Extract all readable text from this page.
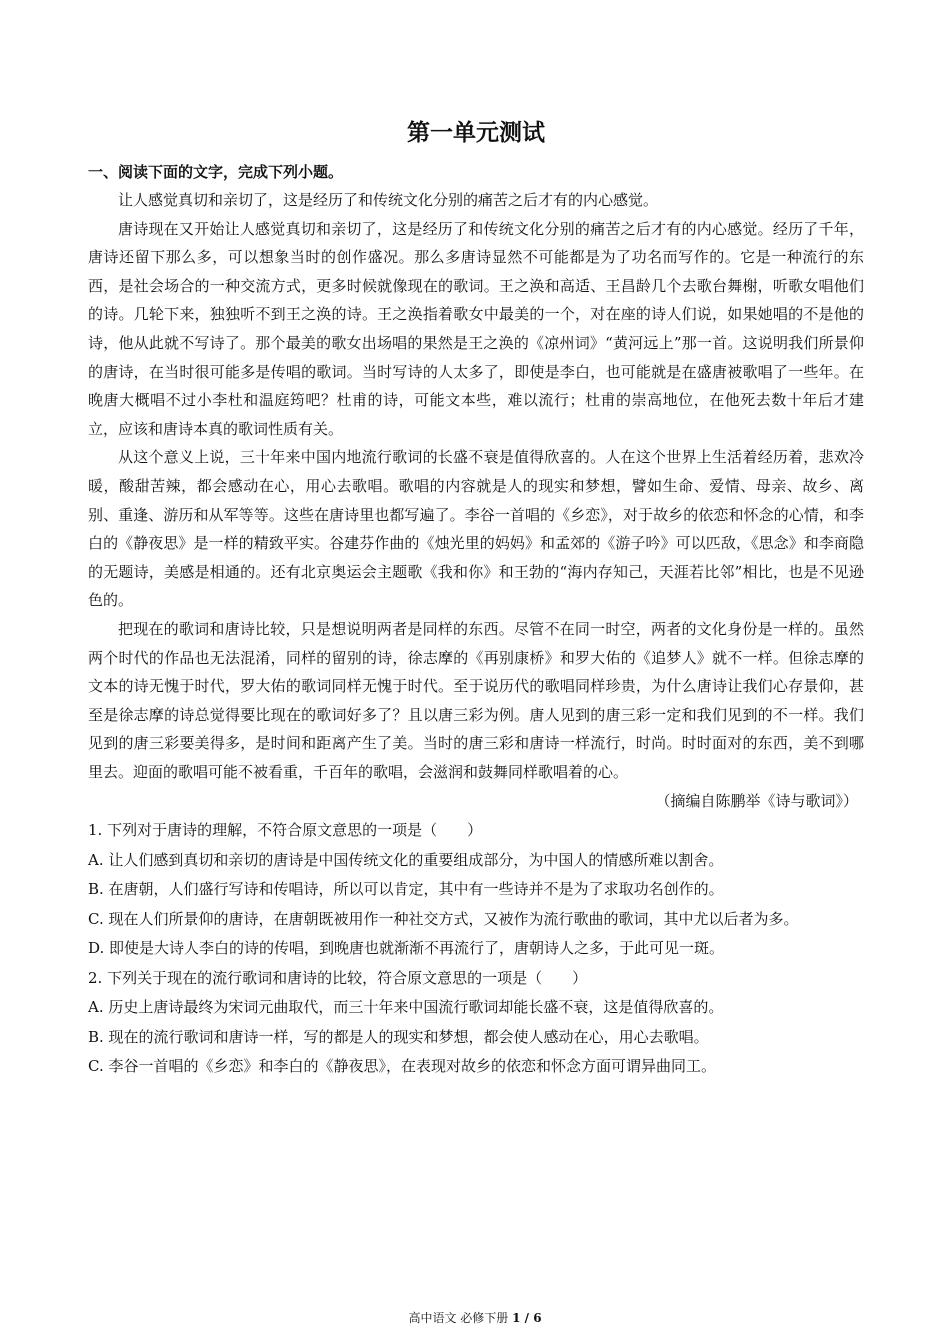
第一单元测试

一、阅读下面的文字，完成下列小题。

让人感觉真切和亲切了，这是经历了和传统文化分别的痛苦之后才有的内心感觉。

唐诗现在又开始让人感觉真切和亲切了，这是经历了和传统文化分别的痛苦之后才有的内心感觉。经历了千年，唐诗还留下那么多，可以想象当时的创作盛况。那么多唐诗显然不可能都是为了功名而写作的。它是一种流行的东西，是社会场合的一种交流方式，更多时候就像现在的歌词。王之涣和高适、王昌龄几个去歌台舞榭，听歌女唱他们的诗。几轮下来，独独听不到王之涣的诗。王之涣指着歌女中最美的一个，对在座的诗人们说，如果她唱的不是他的诗，他从此就不写诗了。那个最美的歌女出场唱的果然是王之涣的《凉州词》“黄河远上”那一首。这说明我们所景仰的唐诗，在当时很可能多是传唱的歌词。当时写诗的人太多了，即使是李白，也可能就是在盛唐被歌唱了一些年。在晚唐大概唱不过小李杜和温庭筠吧？杜甫的诗，可能文本些，难以流行；杜甫的崇高地位，在他死去数十年后才建立，应该和唐诗本真的歌词性质有关。

从这个意义上说，三十年来中国内地流行歌词的长盛不衰是值得欣喜的。人在这个世界上生活着经历着，悲欢冷暖，酸甜苦辣，都会感动在心，用心去歌唱。歌唱的内容就是人的现实和梦想，譬如生命、爱情、母亲、故乡、离别、重逢、游历和从军等等。这些在唐诗里也都写遍了。李谷一首唱的《乡恋》，对于故乡的依恋和怀念的心情，和李白的《静夜思》是一样的精致平实。谷建芬作曲的《烛光里的妈妈》和孟郊的《游子吟》可以匹敌，《思念》和李商隐的无题诗，美感是相通的。还有北京奥运会主题歌《我和你》和王勃的“海内存知己，天涯若比邻”相比，也是不见逊色的。

把现在的歌词和唐诗比较，只是想说明两者是同样的东西。尽管不在同一时空，两者的文化身份是一样的。虽然两个时代的作品也无法混淆，同样的留别的诗，徐志摩的《再别康桥》和罗大佑的《追梦人》就不一样。但徐志摩的文本的诗无愧于时代，罗大佑的歌词同样无愧于时代。至于说历代的歌唱同样珍贵，为什么唐诗让我们心存景仰，甚至是徐志摩的诗总觉得要比现在的歌词好多了？且以唐三彩为例。唐人见到的唐三彩一定和我们见到的不一样。我们见到的唐三彩要美得多，是时间和距离产生了美。当时的唐三彩和唐诗一样流行，时尚。时时面对的东西，美不到哪里去。迎面的歌唱可能不被看重，千百年的歌唱，会滋润和鼓舞同样歌唱着的心。

（摘编自陈鹏举《诗与歌词》）

1. 下列对于唐诗的理解，不符合原文意思的一项是（　　）

A. 让人们感到真切和亲切的唐诗是中国传统文化的重要组成部分，为中国人的情感所难以割舍。

B. 在唐朝，人们盛行写诗和传唱诗，所以可以肯定，其中有一些诗并不是为了求取功名创作的。

C. 现在人们所景仰的唐诗，在唐朝既被用作一种社交方式，又被作为流行歌曲的歌词，其中尤以后者为多。

D. 即使是大诗人李白的诗的传唱，到晚唐也就渐渐不再流行了，唐朝诗人之多，于此可见一斑。

2. 下列关于现在的流行歌词和唐诗的比较，符合原文意思的一项是（　　）

A. 历史上唐诗最终为宋词元曲取代，而三十年来中国流行歌词却能长盛不衰，这是值得欣喜的。

B. 现在的流行歌词和唐诗一样，写的都是人的现实和梦想，都会使人感动在心，用心去歌唱。

C. 李谷一首唱的《乡恋》和李白的《静夜思》，在表现对故乡的依恋和怀念方面可谓异曲同工。

高中语文 必修下册 1 / 6
